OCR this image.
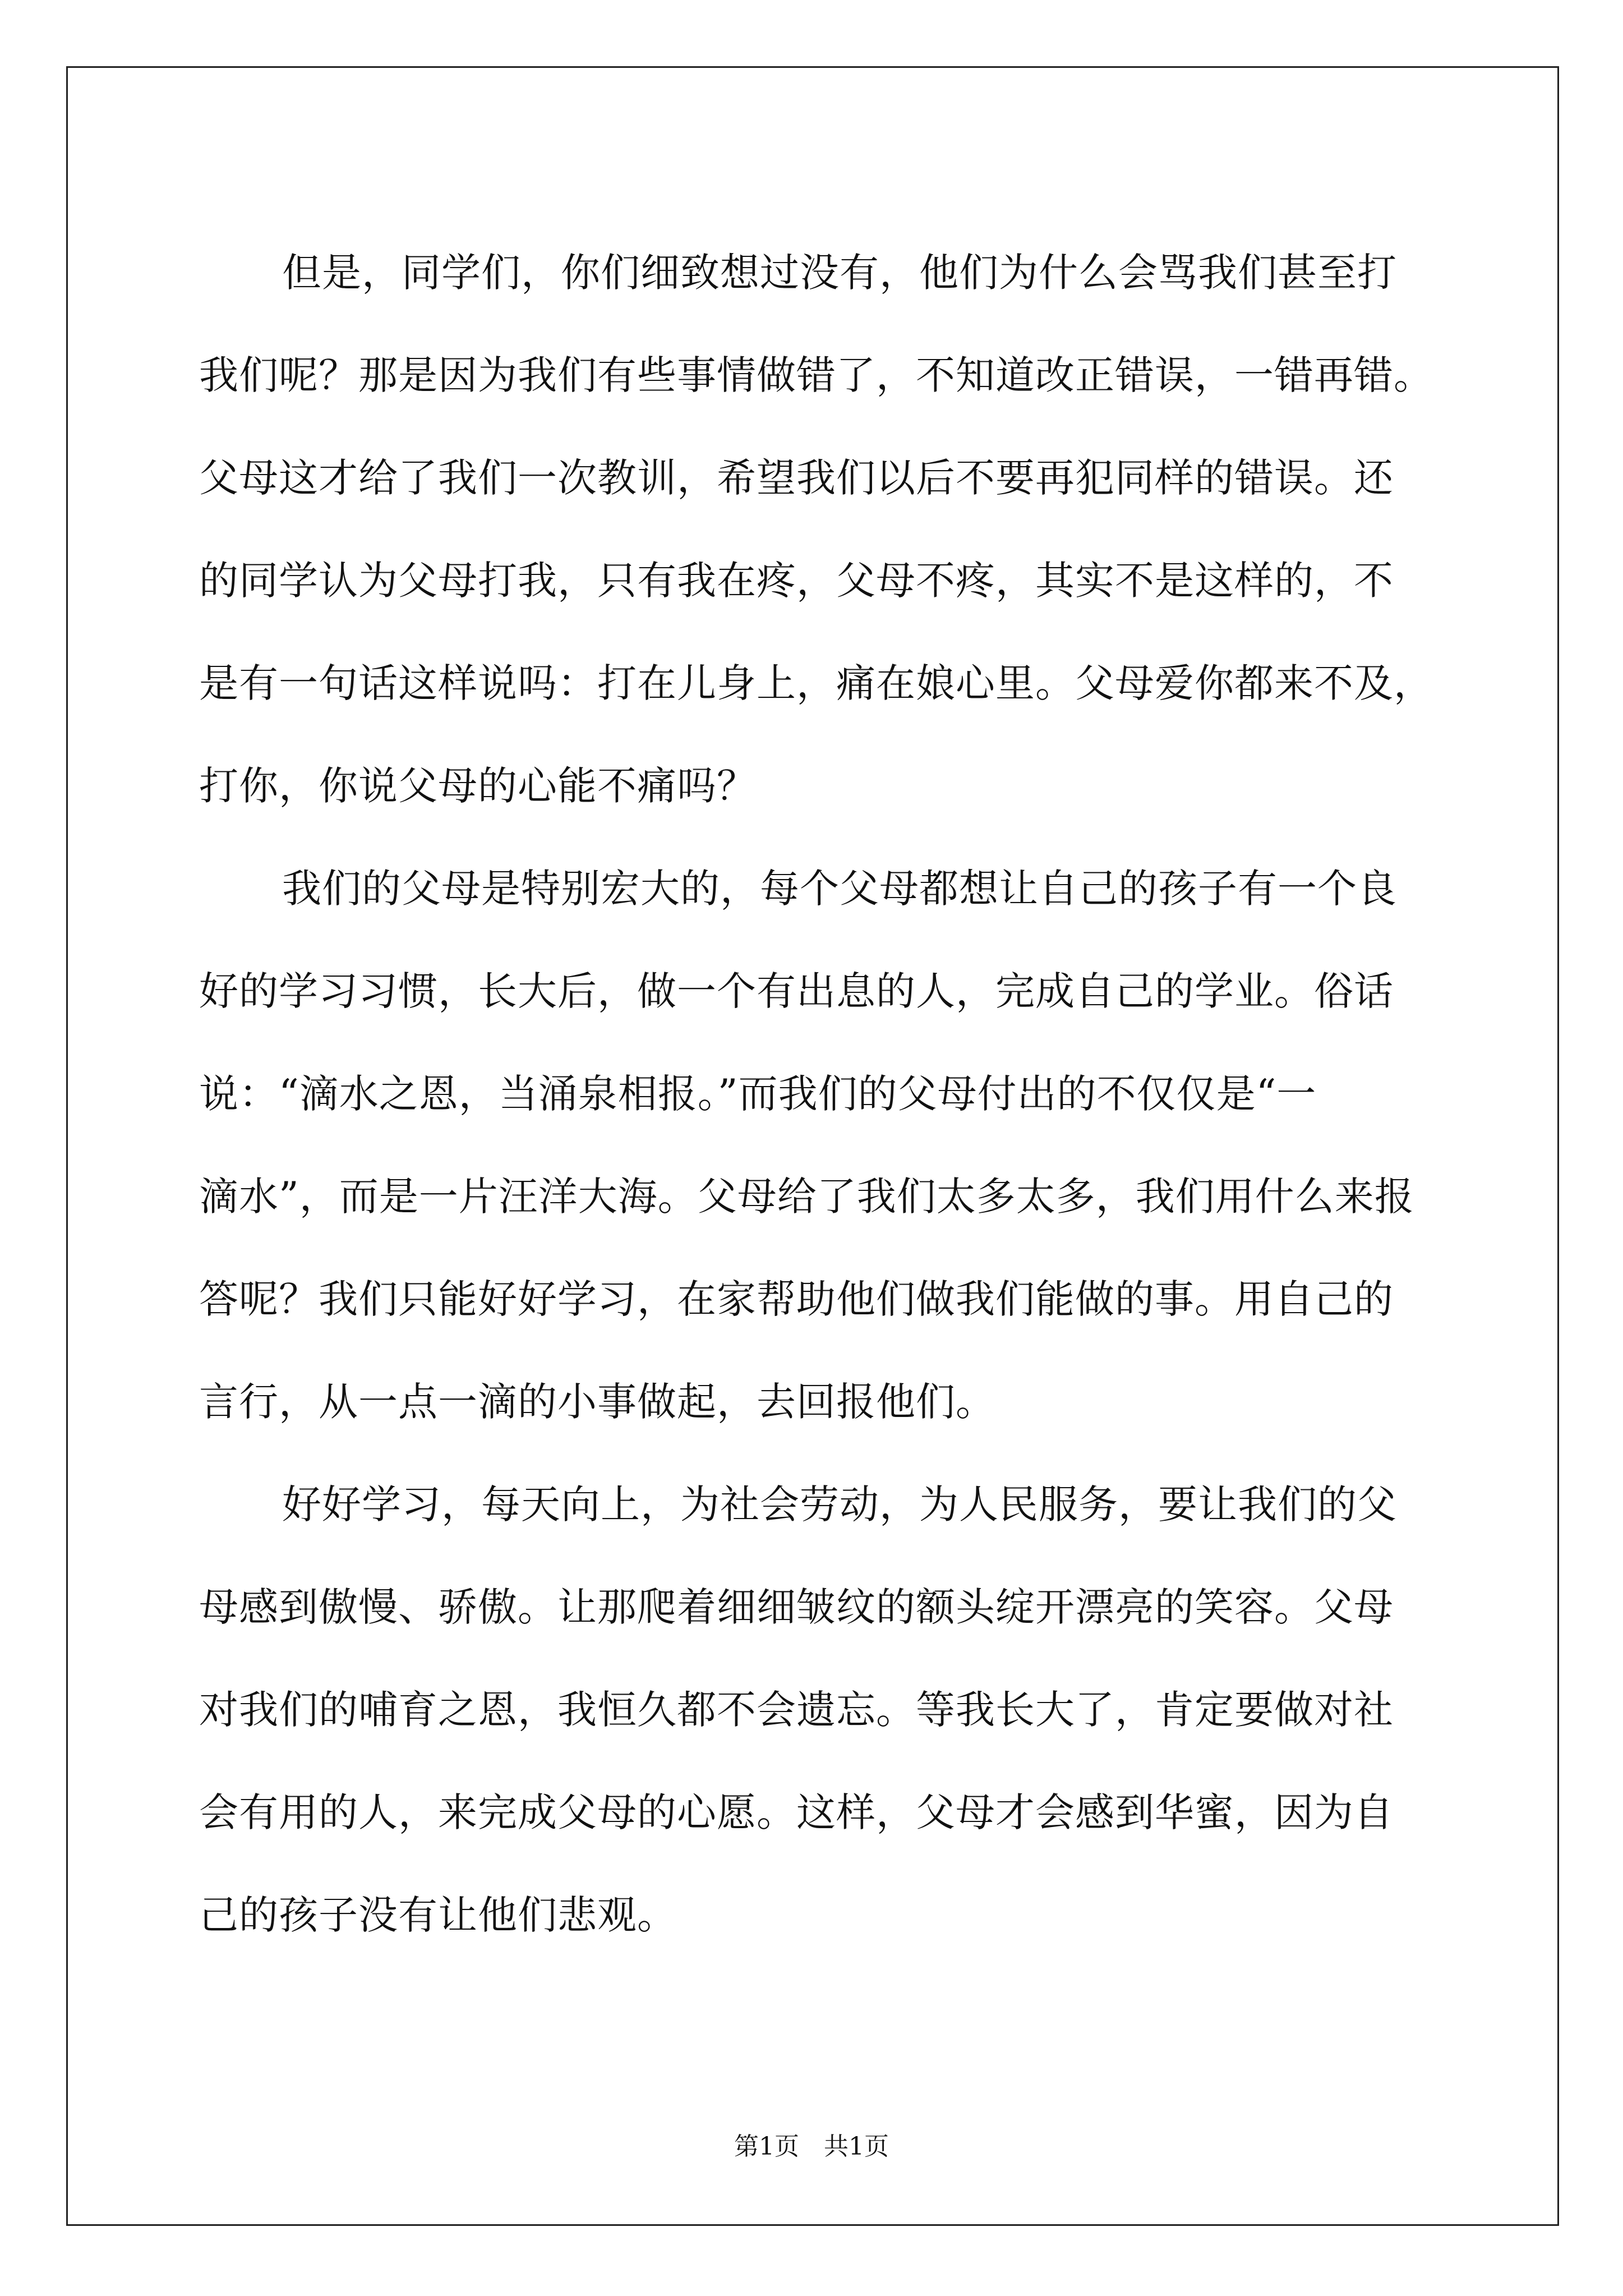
但是，同学们，你们细致想过没有，他们为什么会骂我们甚至打
我们呢？那是因为我们有些事情做错了，不知道改正错误，一错再错。
父母这才给了我们一次教训，希望我们以后不要再犯同样的错误。还
的同学认为父母打我，只有我在疼，父母不疼，其实不是这样的，不
是有一句话这样说吗：打在儿身上，痛在娘心里。父母爱你都来不及，
打你，你说父母的心能不痛吗？
我们的父母是特别宏大的，每个父母都想让自己的孩子有一个良
好的学习习惯，长大后，做一个有出息的人，完成自己的学业。俗话
说：“滴水之恩，当涌泉相报。”而我们的父母付出的不仅仅是“一
滴水”，而是一片汪洋大海。父母给了我们太多太多，我们用什么来报
答呢？我们只能好好学习，在家帮助他们做我们能做的事。用自己的
言行，从一点一滴的小事做起，去回报他们。
好好学习，每天向上，为社会劳动，为人民服务，要让我们的父
母感到傲慢、骄傲。让那爬着细细皱纹的额头绽开漂亮的笑容。父母
对我们的哺育之恩，我恒久都不会遗忘。等我长大了，肯定要做对社
会有用的人，来完成父母的心愿。这样，父母才会感到华蜜，因为自
己的孩子没有让他们悲观。
第1页　共1页
